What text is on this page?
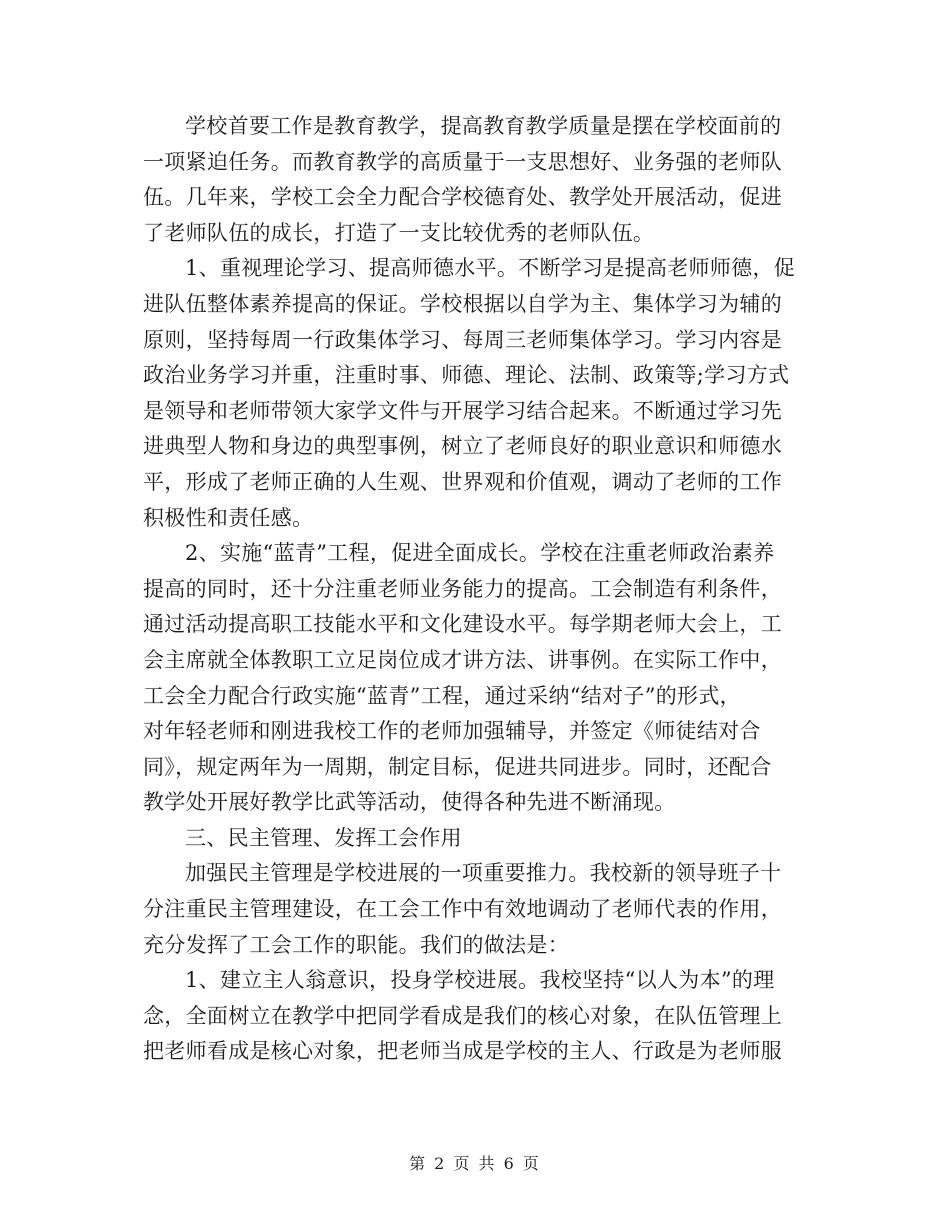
学校首要工作是教育教学，提高教育教学质量是摆在学校面前的
一项紧迫任务。而教育教学的高质量于一支思想好、业务强的老师队
伍。几年来，学校工会全力配合学校德育处、教学处开展活动，促进
了老师队伍的成长，打造了一支比较优秀的老师队伍。
1、重视理论学习、提高师德水平。不断学习是提高老师师德，促
进队伍整体素养提高的保证。学校根据以自学为主、集体学习为辅的
原则，坚持每周一行政集体学习、每周三老师集体学习。学习内容是
政治业务学习并重，注重时事、师德、理论、法制、政策等;学习方式
是领导和老师带领大家学文件与开展学习结合起来。不断通过学习先
进典型人物和身边的典型事例，树立了老师良好的职业意识和师德水
平，形成了老师正确的人生观、世界观和价值观，调动了老师的工作
积极性和责任感。
2、实施“蓝青”工程，促进全面成长。学校在注重老师政治素养
提高的同时，还十分注重老师业务能力的提高。工会制造有利条件，
通过活动提高职工技能水平和文化建设水平。每学期老师大会上，工
会主席就全体教职工立足岗位成才讲方法、讲事例。在实际工作中，
工会全力配合行政实施“蓝青”工程，通过采纳“结对子”的形式，
对年轻老师和刚进我校工作的老师加强辅导，并签定《师徒结对合
同》，规定两年为一周期，制定目标，促进共同进步。同时，还配合
教学处开展好教学比武等活动，使得各种先进不断涌现。
三、民主管理、发挥工会作用
加强民主管理是学校进展的一项重要推力。我校新的领导班子十
分注重民主管理建设，在工会工作中有效地调动了老师代表的作用，
充分发挥了工会工作的职能。我们的做法是：
1、建立主人翁意识，投身学校进展。我校坚持“以人为本”的理
念，全面树立在教学中把同学看成是我们的核心对象，在队伍管理上
把老师看成是核心对象，把老师当成是学校的主人、行政是为老师服
第 2 页 共 6 页
